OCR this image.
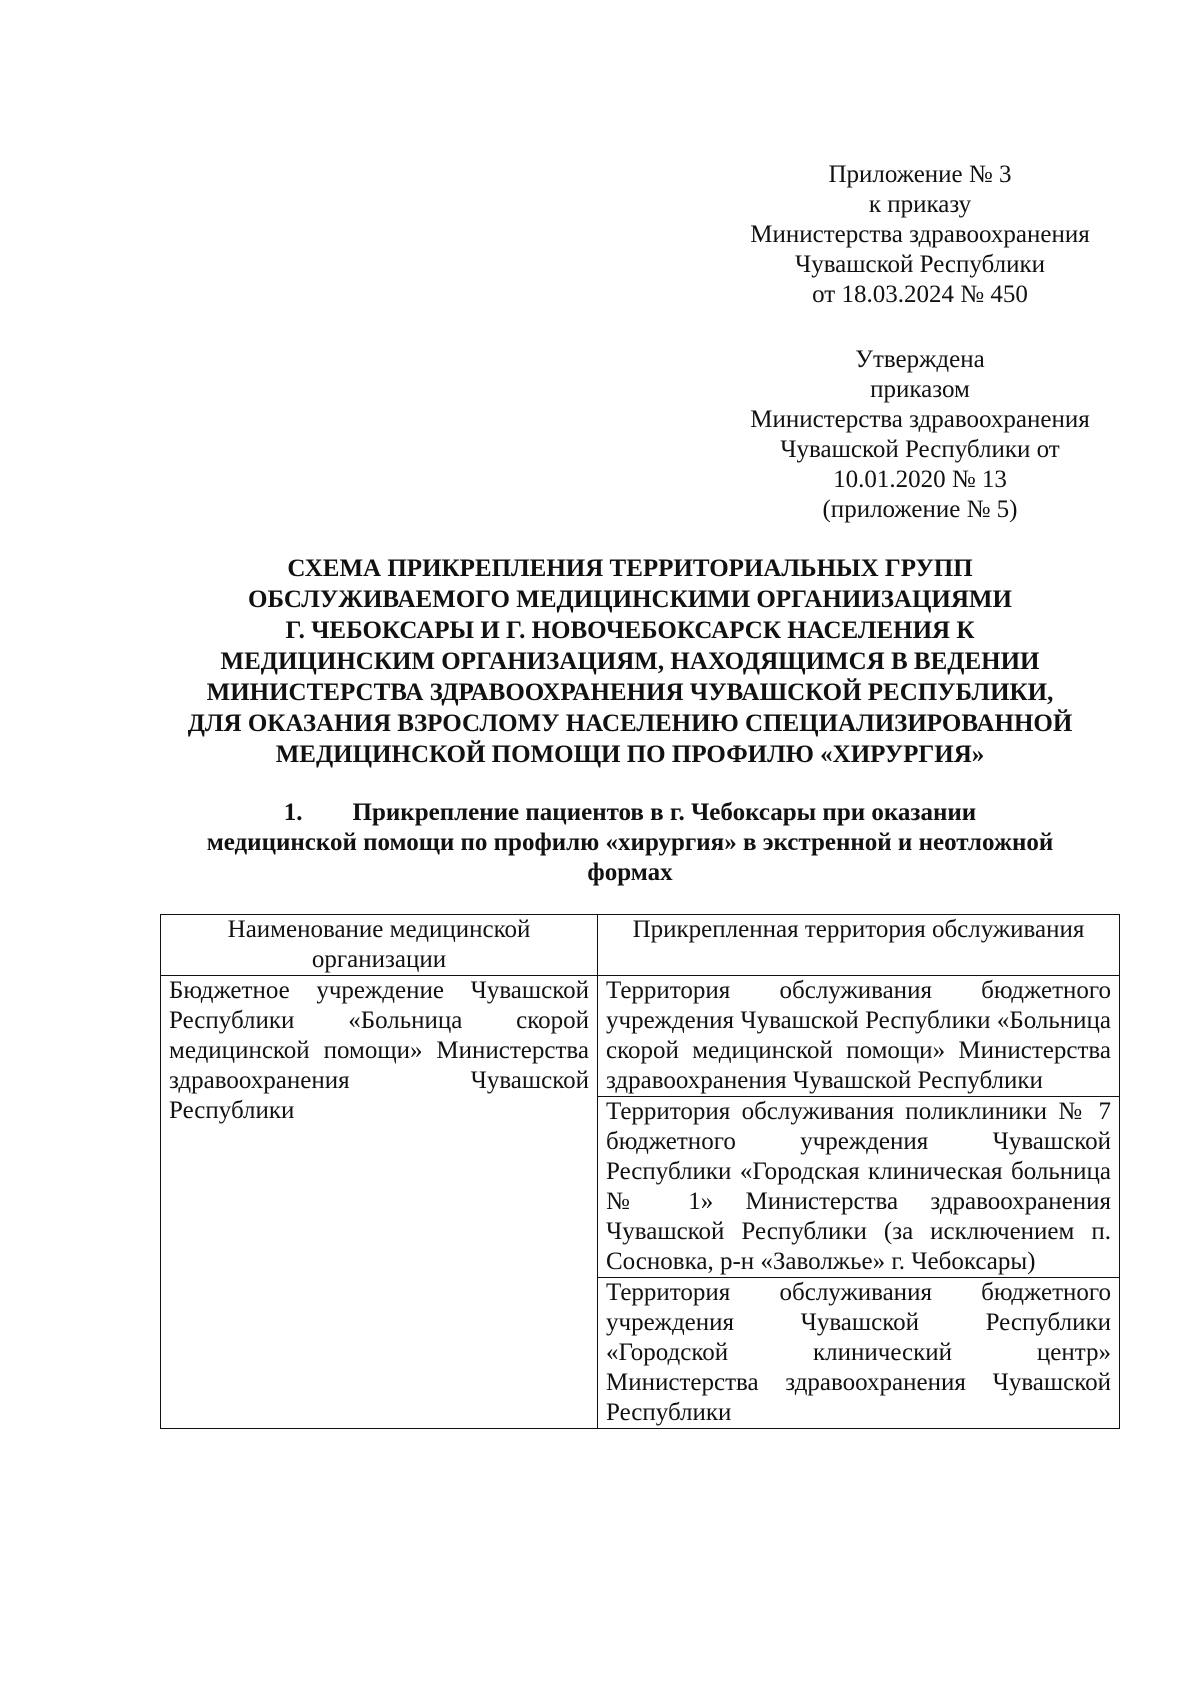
Приложение № 3
к приказу
Министерства здравоохранения
Чувашской Республики
от 18.03.2024 № 450
Утверждена
приказом
Министерства здравоохранения
Чувашской Республики от
10.01.2020 № 13
(приложение № 5)
СХЕМА ПРИКРЕПЛЕНИЯ ТЕРРИТОРИАЛЬНЫХ ГРУПП
ОБСЛУЖИВАЕМОГО МЕДИЦИНСКИМИ ОРГАНИИЗАЦИЯМИ
Г. ЧЕБОКСАРЫ И Г. НОВОЧЕБОКСАРСК НАСЕЛЕНИЯ К
МЕДИЦИНСКИМ ОРГАНИЗАЦИЯМ, НАХОДЯЩИМСЯ В ВЕДЕНИИ
МИНИСТЕРСТВА ЗДРАВООХРАНЕНИЯ ЧУВАШСКОЙ РЕСПУБЛИКИ,
ДЛЯ ОКАЗАНИЯ ВЗРОСЛОМУ НАСЕЛЕНИЮ СПЕЦИАЛИЗИРОВАННОЙ
МЕДИЦИНСКОЙ ПОМОЩИ ПО ПРОФИЛЮ «ХИРУРГИЯ»
1. Прикрепление пациентов в г. Чебоксары при оказании
медицинской помощи по профилю «хирургия» в экстренной и неотложной
формах
Наименование медицинской организации	Прикрепленная территория обслуживания
Бюджетное учреждение Чувашской Республики «Больница скорой медицинской помощи» Министерства здравоохранения Чувашской Республики	Территория обслуживания бюджетного учреждения Чувашской Республики «Больница скорой медицинской помощи» Министерства здравоохранения Чувашской Республики
	Территория обслуживания поликлиники № 7 бюджетного учреждения Чувашской Республики «Городская клиническая больница № 1» Министерства здравоохранения Чувашской Республики (за исключением п. Сосновка, р-н «Заволжье» г. Чебоксары)
	Территория обслуживания бюджетного учреждения Чувашской Республики «Городской клинический центр» Министерства здравоохранения Чувашской Республики
